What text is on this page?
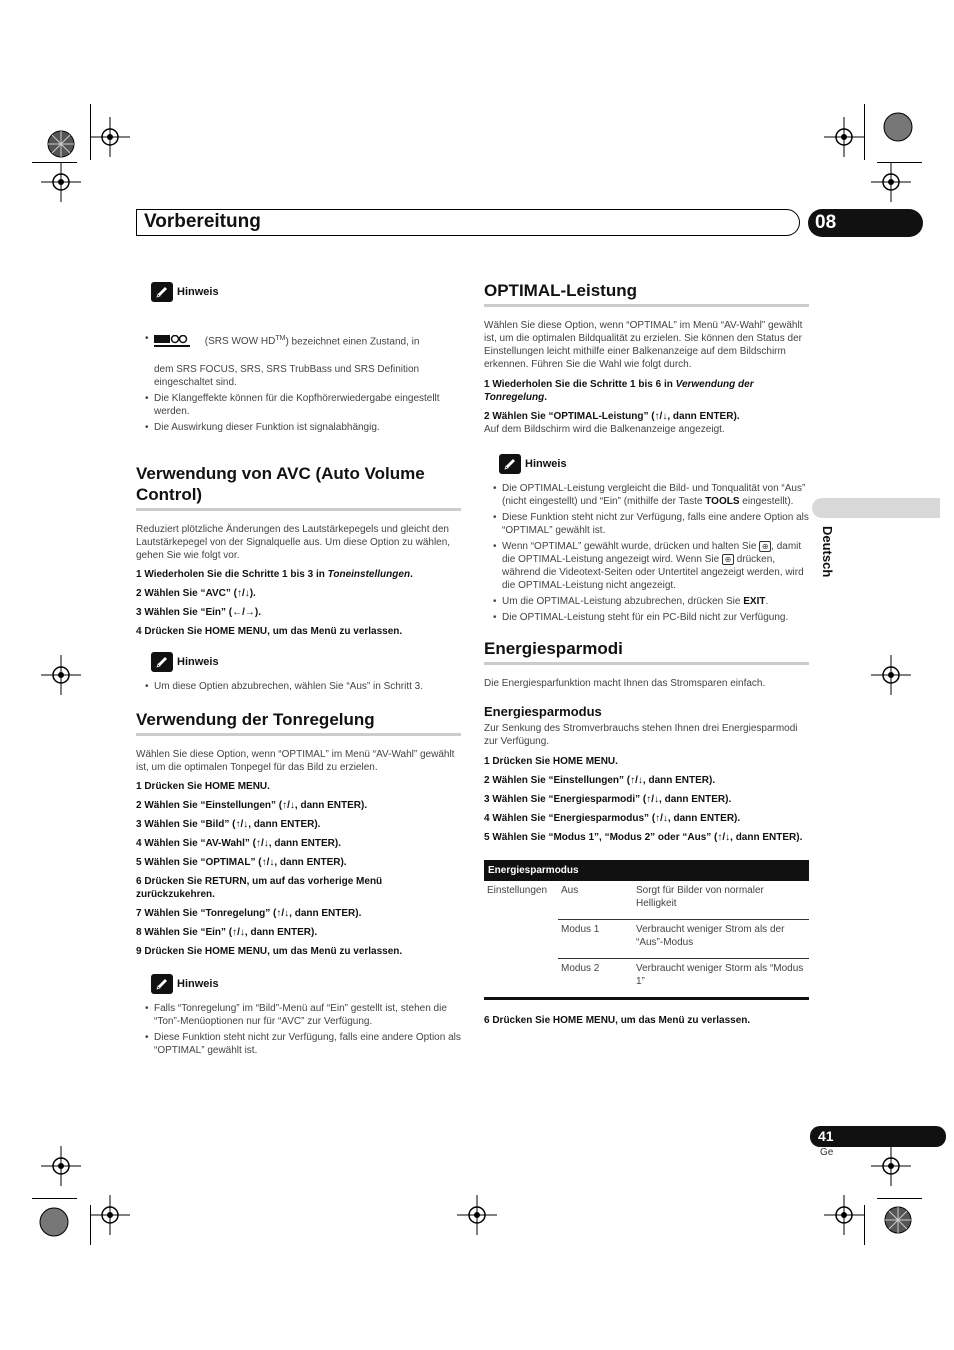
Vorbereitung	08
Deutsch
Hinweis
• (SRS WOW HD™) bezeichnet einen Zustand, in
dem SRS FOCUS, SRS, SRS TrubBass und SRS Definition eingeschaltet sind.
• Die Klangeffekte können für die Kopfhörerwiedergabe eingestellt werden.
• Die Auswirkung dieser Funktion ist signalabhängig.
Verwendung von AVC (Auto Volume Control)
Reduziert plötzliche Änderungen des Lautstärkepegels und gleicht den Lautstärkepegel von der Signalquelle aus. Um diese Option zu wählen, gehen Sie wie folgt vor.
1 Wiederholen Sie die Schritte 1 bis 3 in Toneinstellungen.
2 Wählen Sie “AVC” (↑/↓).
3 Wählen Sie “Ein” (←/→).
4 Drücken Sie HOME MENU, um das Menü zu verlassen.
Hinweis
• Um diese Optien abzubrechen, wählen Sie “Aus” in Schritt 3.
Verwendung der Tonregelung
Wählen Sie diese Option, wenn “OPTIMAL” im Menü “AV-Wahl” gewählt ist, um die optimalen Tonpegel für das Bild zu erzielen.
1 Drücken Sie HOME MENU.
2 Wählen Sie “Einstellungen” (↑/↓, dann ENTER).
3 Wählen Sie “Bild” (↑/↓, dann ENTER).
4 Wählen Sie “AV-Wahl” (↑/↓, dann ENTER).
5 Wählen Sie “OPTIMAL” (↑/↓, dann ENTER).
6 Drücken Sie RETURN, um auf das vorherige Menü zurückzukehren.
7 Wählen Sie “Tonregelung” (↑/↓, dann ENTER).
8 Wählen Sie “Ein” (↑/↓, dann ENTER).
9 Drücken Sie HOME MENU, um das Menü zu verlassen.
Hinweis
• Falls “Tonregelung” im “Bild”-Menü auf “Ein” gestellt ist, stehen die “Ton”-Menüoptionen nur für “AVC” zur Verfügung.
• Diese Funktion steht nicht zur Verfügung, falls eine andere Option als “OPTIMAL” gewählt ist.
OPTIMAL-Leistung
Wählen Sie diese Option, wenn “OPTIMAL” im Menü “AV-Wahl” gewählt ist, um die optimalen Bildqualität zu erzielen. Sie können den Status der Einstellungen leicht mithilfe einer Balkenanzeige auf dem Bildschirm erkennen. Führen Sie die Wahl wie folgt durch.
1 Wiederholen Sie die Schritte 1 bis 6 in Verwendung der Tonregelung.
2 Wählen Sie “OPTIMAL-Leistung” (↑/↓, dann ENTER).
Auf dem Bildschirm wird die Balkenanzeige angezeigt.
Hinweis
• Die OPTIMAL-Leistung vergleicht die Bild- und Tonqualität von “Aus” (nicht eingestellt) und “Ein” (mithilfe der Taste TOOLS eingestellt).
• Diese Funktion steht nicht zur Verfügung, falls eine andere Option als “OPTIMAL” gewählt ist.
• Wenn “OPTIMAL” gewählt wurde, drücken und halten Sie ⊕ , damit die OPTIMAL-Leistung angezeigt wird. Wenn Sie ⊕ drücken, während die Videotext-Seiten oder Untertitel angezeigt werden, wird die OPTIMAL-Leistung nicht angezeigt.
• Um die OPTIMAL-Leistung abzubrechen, drücken Sie EXIT.
• Die OPTIMAL-Leistung steht für ein PC-Bild nicht zur Verfügung.
Energiesparmodi
Die Energiesparfunktion macht Ihnen das Stromsparen einfach.
Energiesparmodus
Zur Senkung des Stromverbrauchs stehen Ihnen drei Energiesparmodi zur Verfügung.
1 Drücken Sie HOME MENU.
2 Wählen Sie “Einstellungen” (↑/↓, dann ENTER).
3 Wählen Sie “Energiesparmodi” (↑/↓, dann ENTER).
4 Wählen Sie “Energiesparmodus” (↑/↓, dann ENTER).
5 Wählen Sie “Modus 1”, “Modus 2” oder “Aus” (↑/↓, dann ENTER).
Energiesparmodus		
Einstellungen	Aus	Sorgt für Bilder von normaler Helligkeit
	Modus 1	Verbraucht weniger Strom als der “Aus”-Modus
	Modus 2	Verbraucht weniger Storm als “Modus 1”
6 Drücken Sie HOME MENU, um das Menü zu verlassen.
41
Ge
